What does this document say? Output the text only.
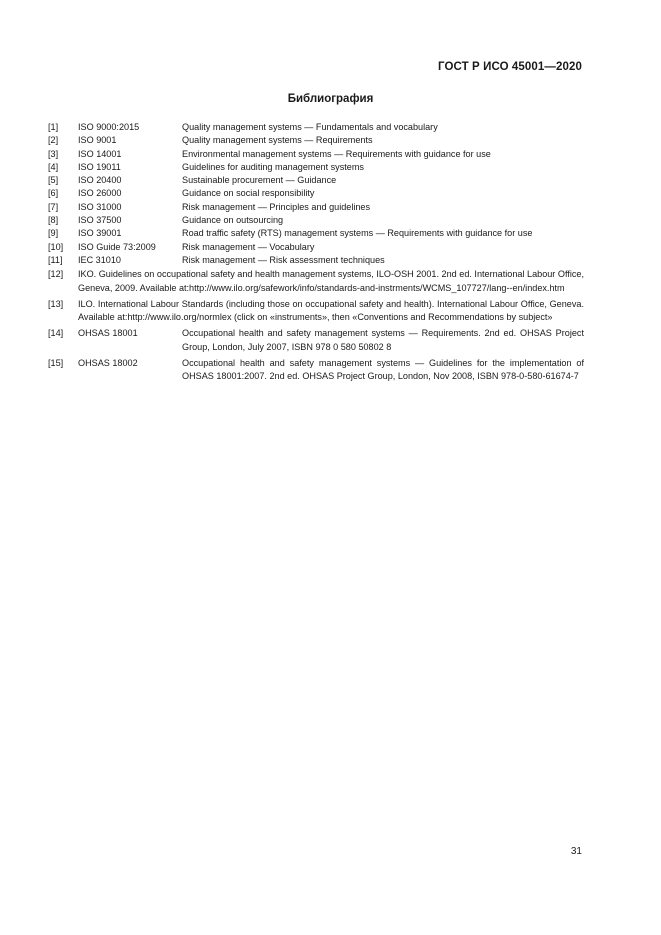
ГОСТ Р ИСО 45001—2020
Библиография
[1]	ISO 9000:2015	Quality management systems — Fundamentals and vocabulary
[2]	ISO 9001	Quality management systems — Requirements
[3]	ISO 14001	Environmental management systems — Requirements with guidance for use
[4]	ISO 19011	Guidelines for auditing management systems
[5]	ISO 20400	Sustainable procurement — Guidance
[6]	ISO 26000	Guidance on social responsibility
[7]	ISO 31000	Risk management — Principles and guidelines
[8]	ISO 37500	Guidance on outsourcing
[9]	ISO 39001	Road traffic safety (RTS) management systems — Requirements with guidance for use
[10]	ISO Guide 73:2009	Risk management — Vocabulary
[11]	IEC 31010	Risk management — Risk assessment techniques
[12]	IKO. Guidelines on occupational safety and health management systems, ILO-OSH 2001. 2nd ed. International Labour Office, Geneva, 2009. Available at:http://www.ilo.org/safework/info/standards-and-instrments/WCMS_107727/lang--en/index.htm
[13]	ILO. International Labour Standards (including those on occupational safety and health). International Labour Office, Geneva. Available at:http://www.ilo.org/normlex (click on «instruments», then «Conventions and Recommendations by subject»
[14]	OHSAS 18001	Occupational health and safety management systems — Requirements. 2nd ed. OHSAS Project Group, London, July 2007, ISBN 978 0 580 50802 8
[15]	OHSAS 18002	Occupational health and safety management systems — Guidelines for the implementation of OHSAS 18001:2007. 2nd ed. OHSAS Project Group, London, Nov 2008, ISBN 978-0-580-61674-7
31
